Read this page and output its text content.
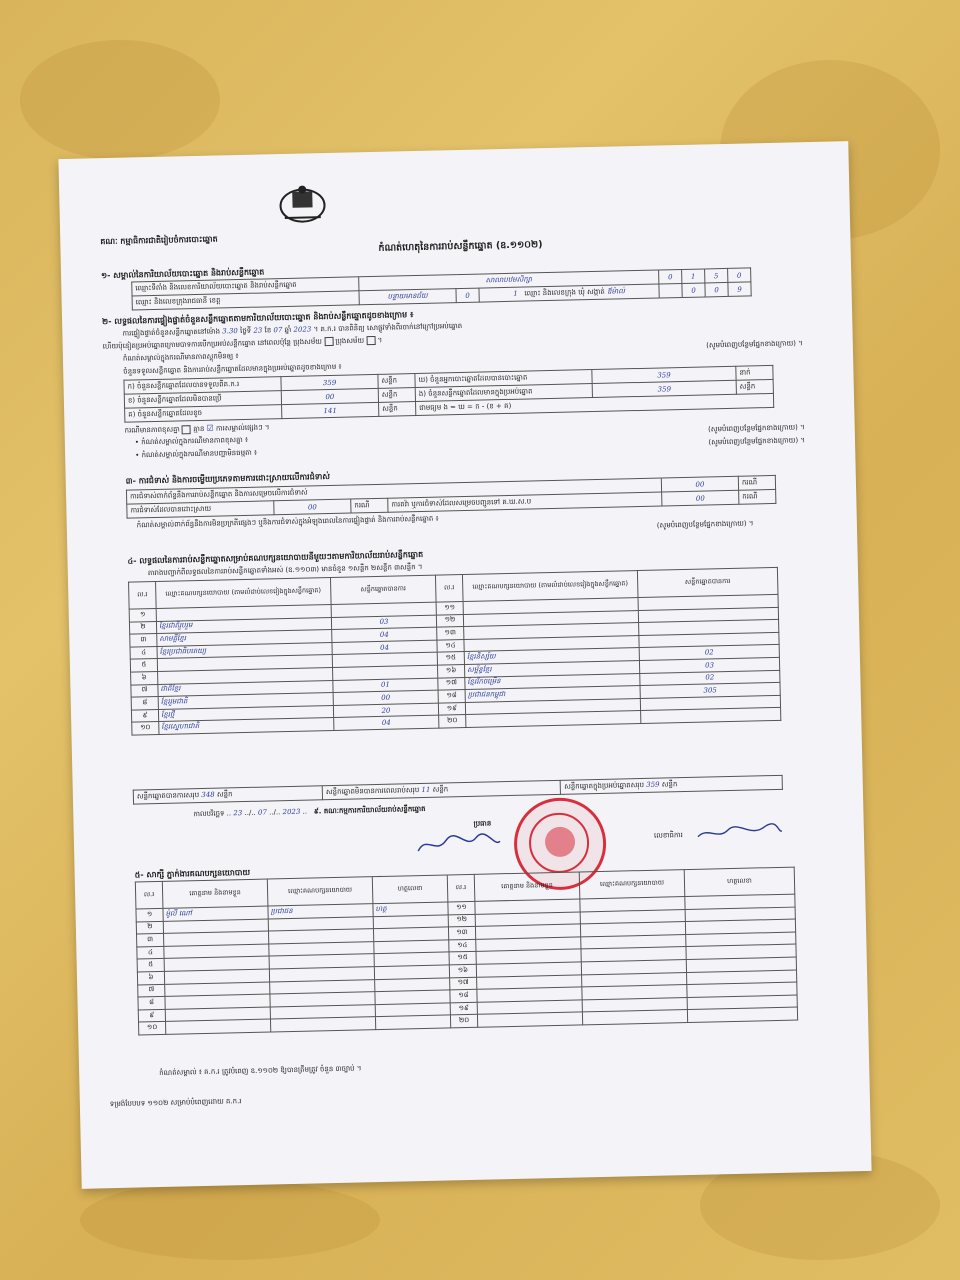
គណៈ កម្មាធិការជាតិរៀបចំការបោះឆ្នោត	កំណត់ហេតុនៃការរាប់សន្លឹកឆ្នោត (ឧ.១១០២)
១- សម្គាល់នៃការិយាល័យបោះឆ្នោត និងរាប់សន្លឹកឆ្នោត
ឈ្មោះទីតាំង និងលេខការិយាល័យបោះឆ្នោត និងរាប់សន្លឹកឆ្នោត	សាលាបឋមសិក្សា			0	1	5	0
ឈ្មោះ និងលេខក្រុងរាជធានី ខេត្ត	បន្ទាយមានជ័យ	0	1 ឈ្មោះ និងលេខក្រុង ឃុំ សង្កាត់ ឪម៉ាល់		0	0	9
២- លទ្ធផលនៃការផ្ទៀងផ្ទាត់ចំនួនសន្លឹកឆ្នោតតាមការិយាល័យបោះឆ្នោត និងរាប់សន្លឹកឆ្នោតដូចខាងក្រោម ៖
ការផ្ទៀងផ្ទាត់ចំនួនសន្លឹកឆ្នោតនៅម៉ោង 3.30 ថ្ងៃទី 23 ខែ 07 ឆ្នាំ 2023 ។ គ.ក.រ បានពិនិត្យ សោផ្លូវទាំងពីរចាក់នៅក្រៅប្រអប់ឆ្នោត
ហើយប៉ុនៀតប្រអប់ឆ្នោតក្រោមបាទការបើកប្រអប់សន្លឹកឆ្នោត នៅពេលប៉ុន្តែ ប្រុងសម័យ  ប្រុងសម័យ  ។
កំណត់សម្គាល់ក្នុងករណីមានភាពស្តុកមិនឲ្យ ៖
(សូមបំពេញបន្ថែមផ្នែកខាងក្រោយ) ។
ចំនួនទទួលសន្លឹកឆ្នោត និងការរាប់សន្លឹកឆ្នោតដែលមានក្នុងប្រអប់ឆ្នោតដូចខាងក្រោម ៖
ក) ចំនួនសន្លឹកឆ្នោតដែលបានទទួលពីគ.ក.រ	359	សន្លឹក	ឃ) ចំនួនអ្នកបោះឆ្នោតដែលបានបោះឆ្នោត	359	នាក់
ខ) ចំនួនសន្លឹកឆ្នោតដែលមិនបានប្រើ	00	សន្លឹក	ង) ចំនួនសន្លឹកឆ្នោតដែលមានក្នុងប្រអប់ឆ្នោត	359	សន្លឹក
គ) ចំនួនសន្លឹកឆ្នោតដែលខូច	141	សន្លឹក	ជាមធ្យម ង = ឃ = ក - (ខ + គ)		
ករណីមានភាពខុសគ្នា  គ្មាន ☑ ការសម្គាល់ផ្សេងៗ ។
• កំណត់សម្គាល់ក្នុងករណីមានភាពខុសគ្នា ៖
(សូមបំពេញបន្ថែមផ្នែកខាងក្រោយ) ។
• កំណត់សម្គាល់ក្នុងករណីមានបញ្ហាមិនធម្មតា ៖
(សូមបំពេញបន្ថែមផ្នែកខាងក្រោយ) ។
៣- ការជំទាស់ និងការចម្លើយប្រភេទតាមការដោះស្រាយលើការជំទាស់
ការជំទាស់ពាក់ព័ន្ធនឹងការរាប់សន្លឹកឆ្នោត និងការសម្រេចលើការជំទាស់				00	ករណី
ការជំទាស់ដែលបានដោះស្រាយ	00	ករណី	ការតវ៉ា ឬការជំទាស់ដែលសម្រេចបញ្ជូនទៅ គ.ឃ.ស.ប	00	ករណី
កំណត់សម្គាល់ពាក់ព័ន្ធនឹងការមិនប្រក្រតីផ្សេងៗ ឬនិងការជំទាស់ក្នុងអំឡុងពេលនៃការផ្ទៀងផ្ទាត់ និងការរាប់សន្លឹកឆ្នោត ៖	(សូមបំពេញបន្ថែមផ្នែកខាងក្រោយ) ។
៤- លទ្ធផលនៃការរាប់សន្លឹកឆ្នោតសម្រាប់គណបក្សនយោបាយនីមួយៗតាមការិយាល័យរាប់សន្លឹកឆ្នោត
តារាងបញ្ជាក់ពីលទ្ធផលនៃការរាប់សន្លឹកឆ្នោតទាំងអស់ (ឧ.១១០៣) មានចំនួន ១សន្លឹក ២សន្លឹក ៣សន្លឹក ។
ល.រ	ឈ្មោះគណបក្សនយោបាយ (តាមលំដាប់លេខរៀងក្នុងសន្លឹកឆ្នោត)	សន្លឹកឆ្នោតបានការ	ល.រ	ឈ្មោះគណបក្សនយោបាយ (តាមលំដាប់លេខរៀងក្នុងសន្លឹកឆ្នោត)	សន្លឹកឆ្នោតបានការ
១			១១		
២	ខ្មែរជាតិរួបរួម	03	១២		
៣	សាមគ្គីខ្មែរ	04	១៣		
៤	ខ្មែរប្រជាធិបតេយ្យ	04	១៤		
៥			១៥	ខ្មែរនិស្ស័យ	02
៦			១៦	សម្ព័ន្ធខ្មែរ	03
៧	ជាតិខ្មែរ	01	១៧	ខ្មែររីកចម្រើន	02
៨	ខ្មែររួមជាតិ	00	១៨	ប្រជាជនកម្ពុជា	305
៩	ខ្មែរថ្មី	20	១៩		
១០	ខ្មែរស្នេហាជាតិ	04	២០		
សន្លឹកឆ្នោតបានការសរុប 348 សន្លឹក	សន្លឹកឆ្នោតមិនបានការពេលរាប់សរុប 11 សន្លឹក	សន្លឹកឆ្នោតក្នុងប្រអប់ឆ្នោតសរុប 359 សន្លឹក
កាលបរិច្ឆេទ .. 23 ../.. 07 ../.. 2023 ..   ៩. គណៈកម្មការការិយាល័យរាប់សន្លឹកឆ្នោត
ប្រធាន
លេខាធិការ
៥- សាក្សី ភ្នាក់ងារគណបក្សនយោបាយ
ល.រ	គោត្តនាម និងនាមខ្លួន	ឈ្មោះគណបក្សនយោបាយ	ហត្ថលេខា	ល.រ	គោត្តនាម និងនាមខ្លួន	ឈ្មោះគណបក្សនយោបាយ	ហត្ថលេខា
១	ម៉ូលី ណៅ	ប្រជាជន	ហត្ថ	១១			
២				១២			
៣				១៣			
៤				១៤			
៥				១៥			
៦				១៦			
៧				១៧			
៨				១៨			
៩				១៩			
១០				២០			
កំណត់សម្គាល់ ៖ គ.ក.រ ត្រូវបំពេញ ឧ.១១០២ ឱ្យបានត្រឹមត្រូវ ចំនួន ៣ច្បាប់ ។
ទម្រង់បែបបទ ១១០២ សម្រាប់បំពេញដោយ គ.ក.រ
